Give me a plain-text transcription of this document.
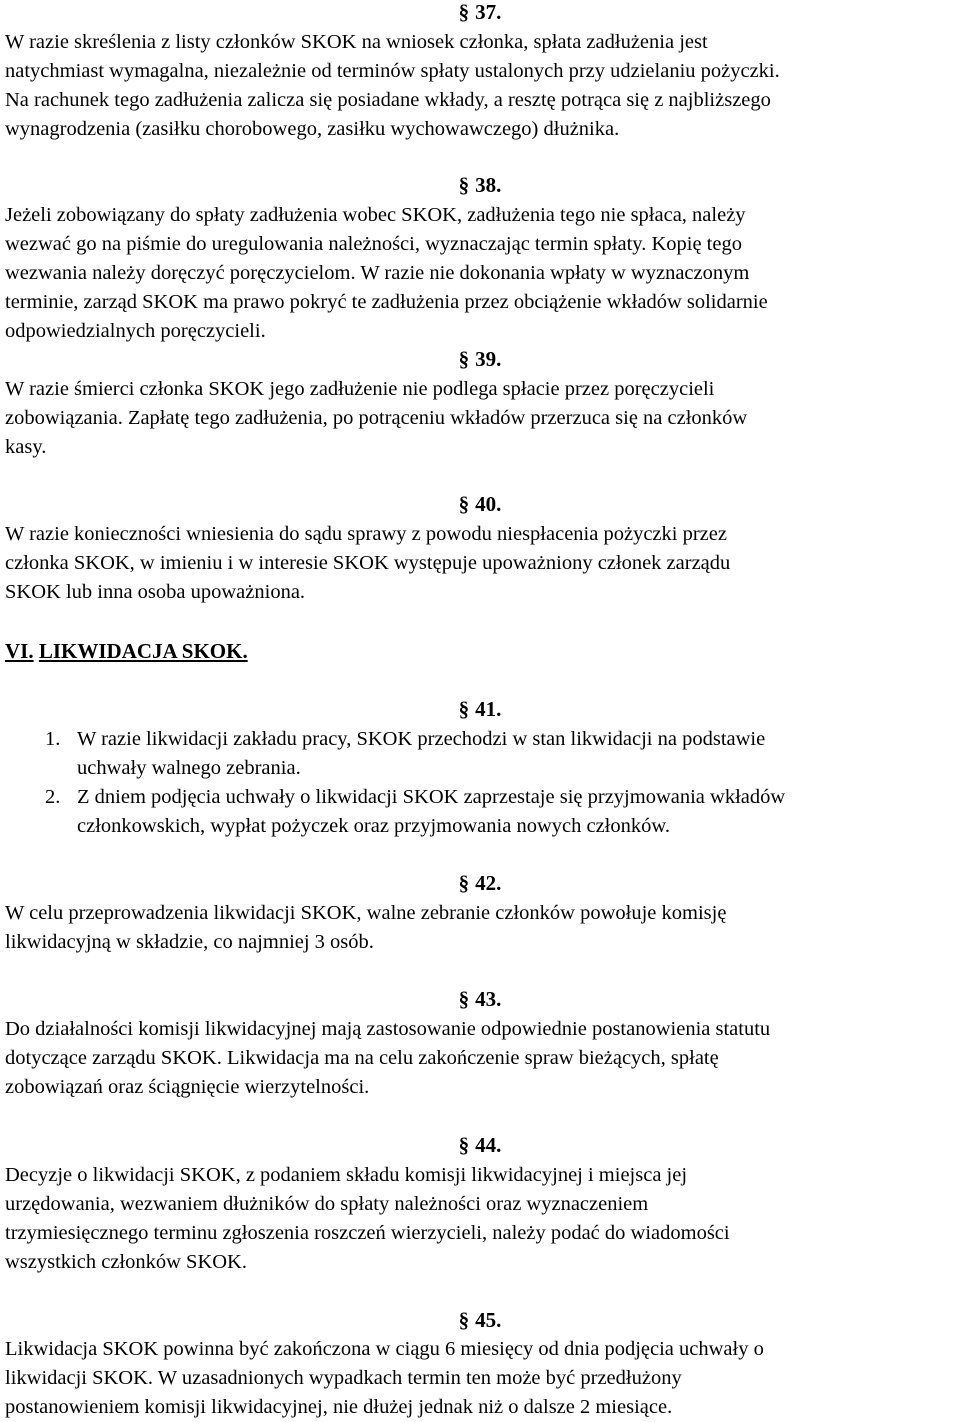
§ 37.
W razie skreślenia z listy członków SKOK na wniosek członka, spłata zadłużenia jest
natychmiast wymagalna, niezależnie od terminów spłaty ustalonych przy udzielaniu pożyczki.
Na rachunek tego zadłużenia zalicza się posiadane wkłady, a resztę potrąca się z najbliższego
wynagrodzenia (zasiłku chorobowego, zasiłku wychowawczego) dłużnika.
§ 38.
Jeżeli zobowiązany do spłaty zadłużenia wobec SKOK, zadłużenia tego nie spłaca, należy
wezwać go na piśmie do uregulowania należności, wyznaczając termin spłaty. Kopię tego
wezwania należy doręczyć poręczycielom. W razie nie dokonania wpłaty w wyznaczonym
terminie, zarząd SKOK ma prawo pokryć te zadłużenia przez obciążenie wkładów solidarnie
odpowiedzialnych poręczycieli.
§ 39.
W razie śmierci członka SKOK jego zadłużenie nie podlega spłacie przez poręczycieli
zobowiązania. Zapłatę tego zadłużenia, po potrąceniu wkładów przerzuca się na członków
kasy.
§ 40.
W razie konieczności wniesienia do sądu sprawy z powodu niespłacenia pożyczki przez
członka SKOK, w imieniu i w interesie SKOK występuje upoważniony członek zarządu
SKOK lub inna osoba upoważniona.
VI. LIKWIDACJA SKOK.
§ 41.
1. W razie likwidacji zakładu pracy, SKOK przechodzi w stan likwidacji na podstawie
uchwały walnego zebrania.
2. Z dniem podjęcia uchwały o likwidacji SKOK zaprzestaje się przyjmowania wkładów
członkowskich, wypłat pożyczek oraz przyjmowania nowych członków.
§ 42.
W celu przeprowadzenia likwidacji SKOK, walne zebranie członków powołuje komisję
likwidacyjną w składzie, co najmniej 3 osób.
§ 43.
Do działalności komisji likwidacyjnej mają zastosowanie odpowiednie postanowienia statutu
dotyczące zarządu SKOK. Likwidacja ma na celu zakończenie spraw bieżących, spłatę
zobowiązań oraz ściągnięcie wierzytelności.
§ 44.
Decyzje o likwidacji SKOK, z podaniem składu komisji likwidacyjnej i miejsca jej
urzędowania, wezwaniem dłużników do spłaty należności oraz wyznaczeniem
trzymiesięcznego terminu zgłoszenia roszczeń wierzycieli, należy podać do wiadomości
wszystkich członków SKOK.
§ 45.
Likwidacja SKOK powinna być zakończona w ciągu 6 miesięcy od dnia podjęcia uchwały o
likwidacji SKOK. W uzasadnionych wypadkach termin ten może być przedłużony
postanowieniem komisji likwidacyjnej, nie dłużej jednak niż o dalsze 2 miesiące.
